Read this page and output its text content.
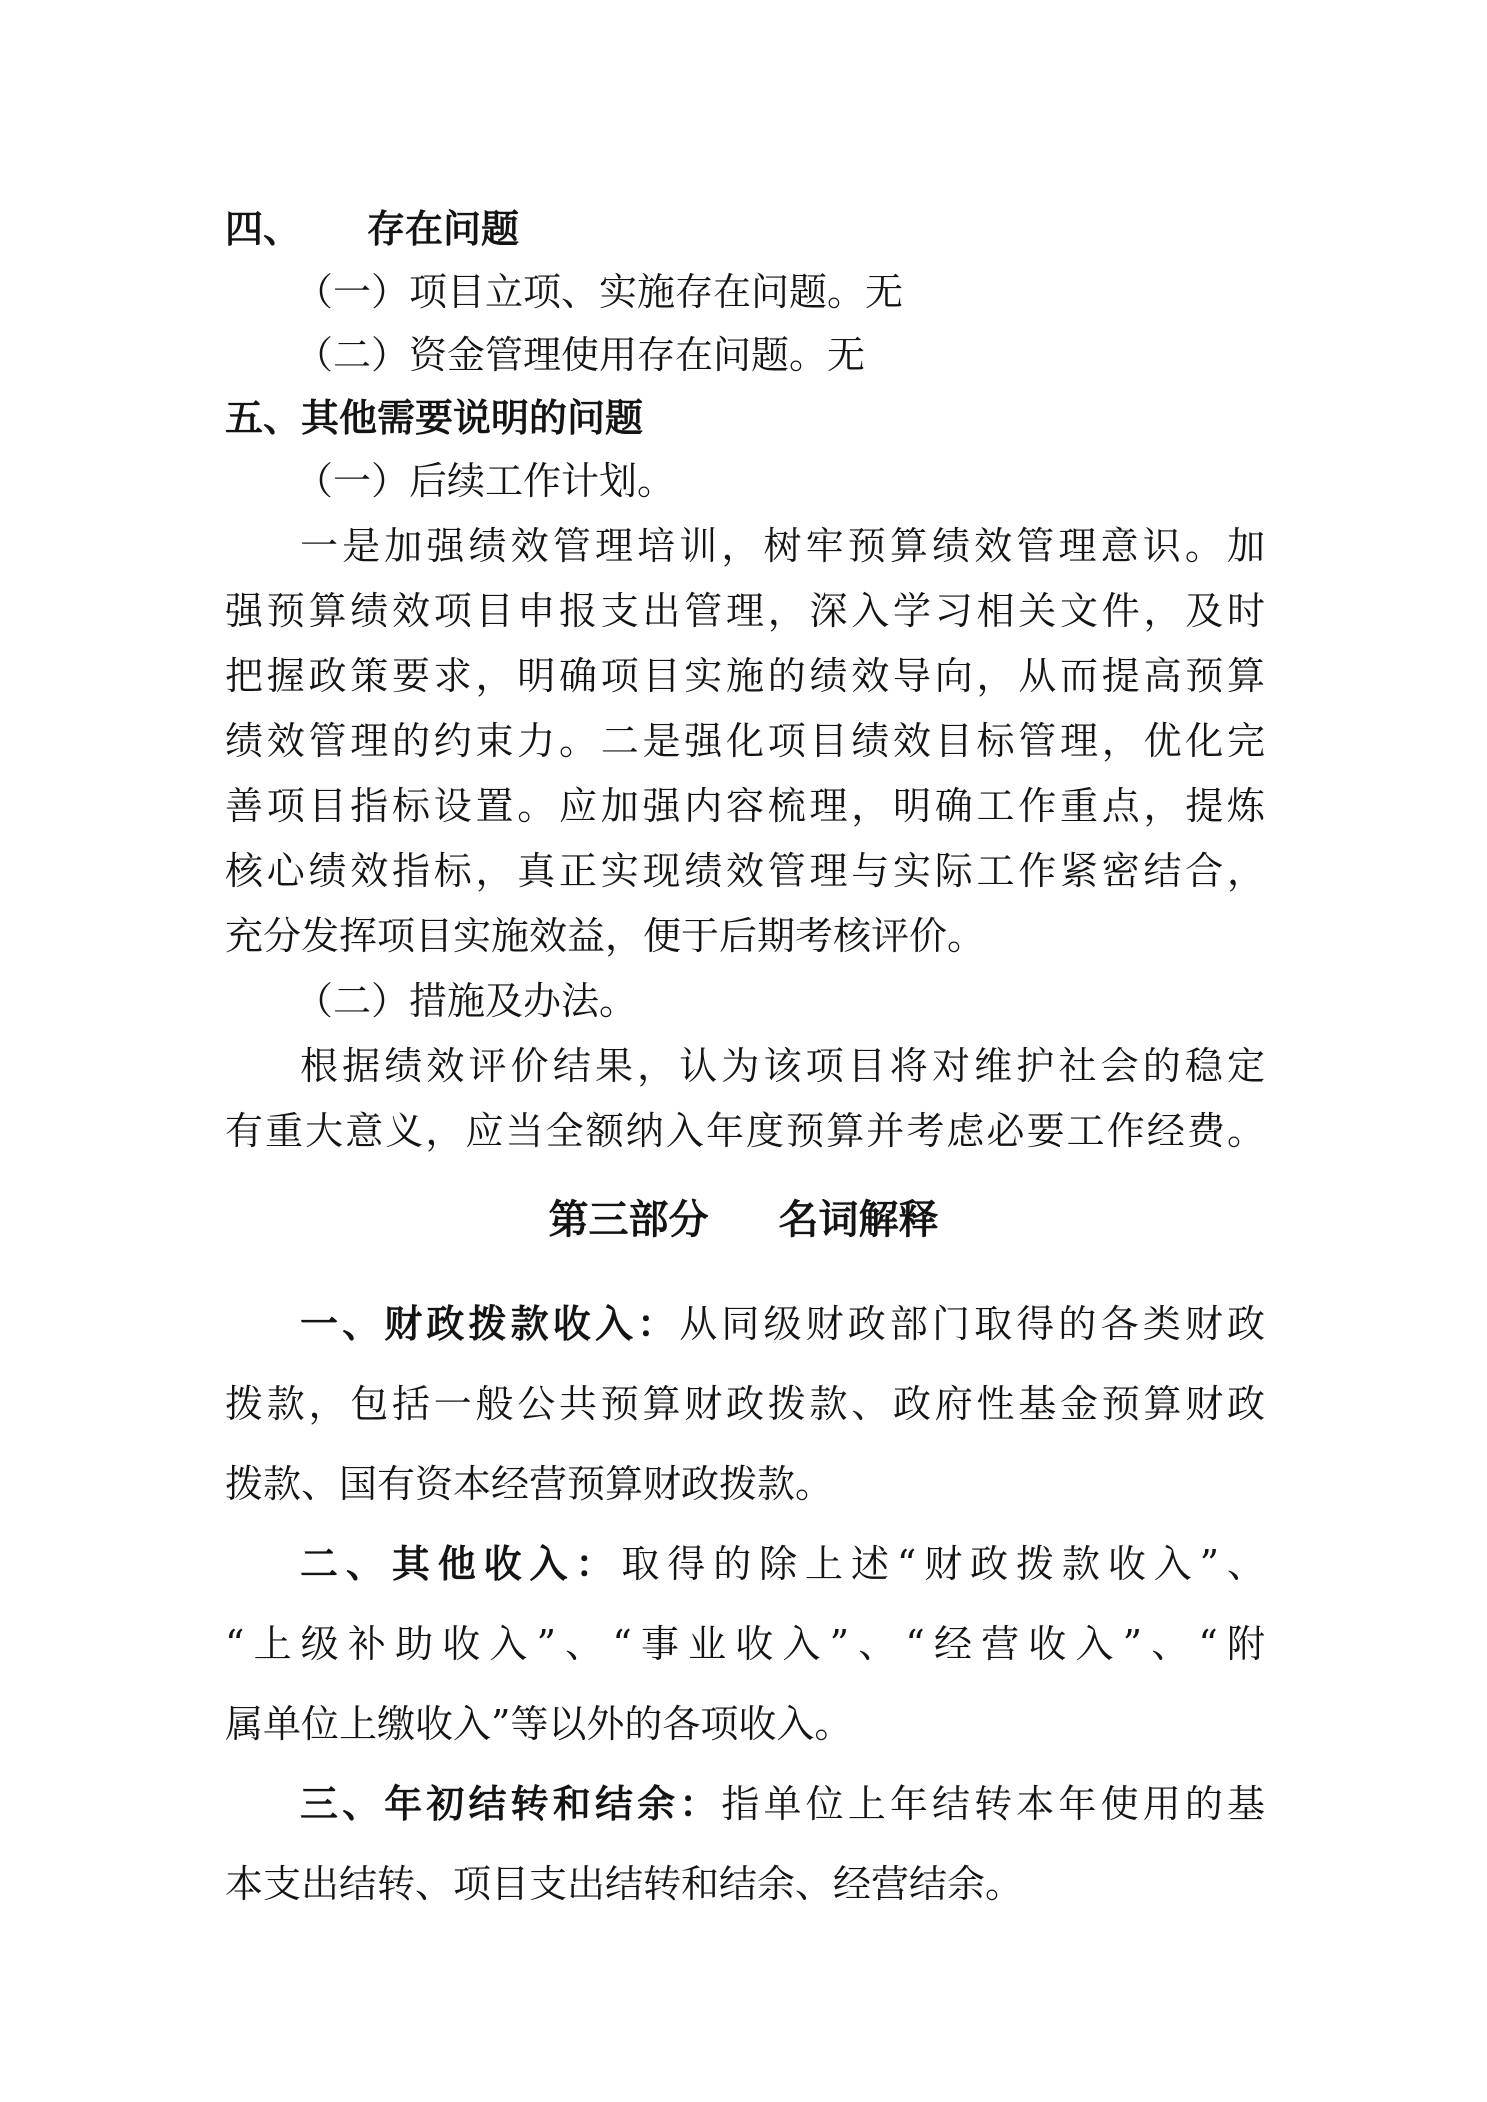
四、 存在问题
（一）项目立项、实施存在问题。无
（二）资金管理使用存在问题。无
五、其他需要说明的问题
（一）后续工作计划。
一是加强绩效管理培训，树牢预算绩效管理意识。加
强预算绩效项目申报支出管理，深入学习相关文件，及时
把握政策要求，明确项目实施的绩效导向，从而提高预算
绩效管理的约束力。二是强化项目绩效目标管理，优化完
善项目指标设置。应加强内容梳理，明确工作重点，提炼
核心绩效指标，真正实现绩效管理与实际工作紧密结合，
充分发挥项目实施效益，便于后期考核评价。
（二）措施及办法。
根据绩效评价结果，认为该项目将对维护社会的稳定
有重大意义，应当全额纳入年度预算并考虑必要工作经费。
第三部分 名词解释
一、财政拨款收入：从同级财政部门取得的各类财政
拨款，包括一般公共预算财政拨款、政府性基金预算财政
拨款、国有资本经营预算财政拨款。
二、其他收入：取得的除上述“财政拨款收入”、
“上级补助收入”、“事业收入”、“经营收入”、“附
属单位上缴收入”等以外的各项收入。
三、年初结转和结余：指单位上年结转本年使用的基
本支出结转、项目支出结转和结余、经营结余。
